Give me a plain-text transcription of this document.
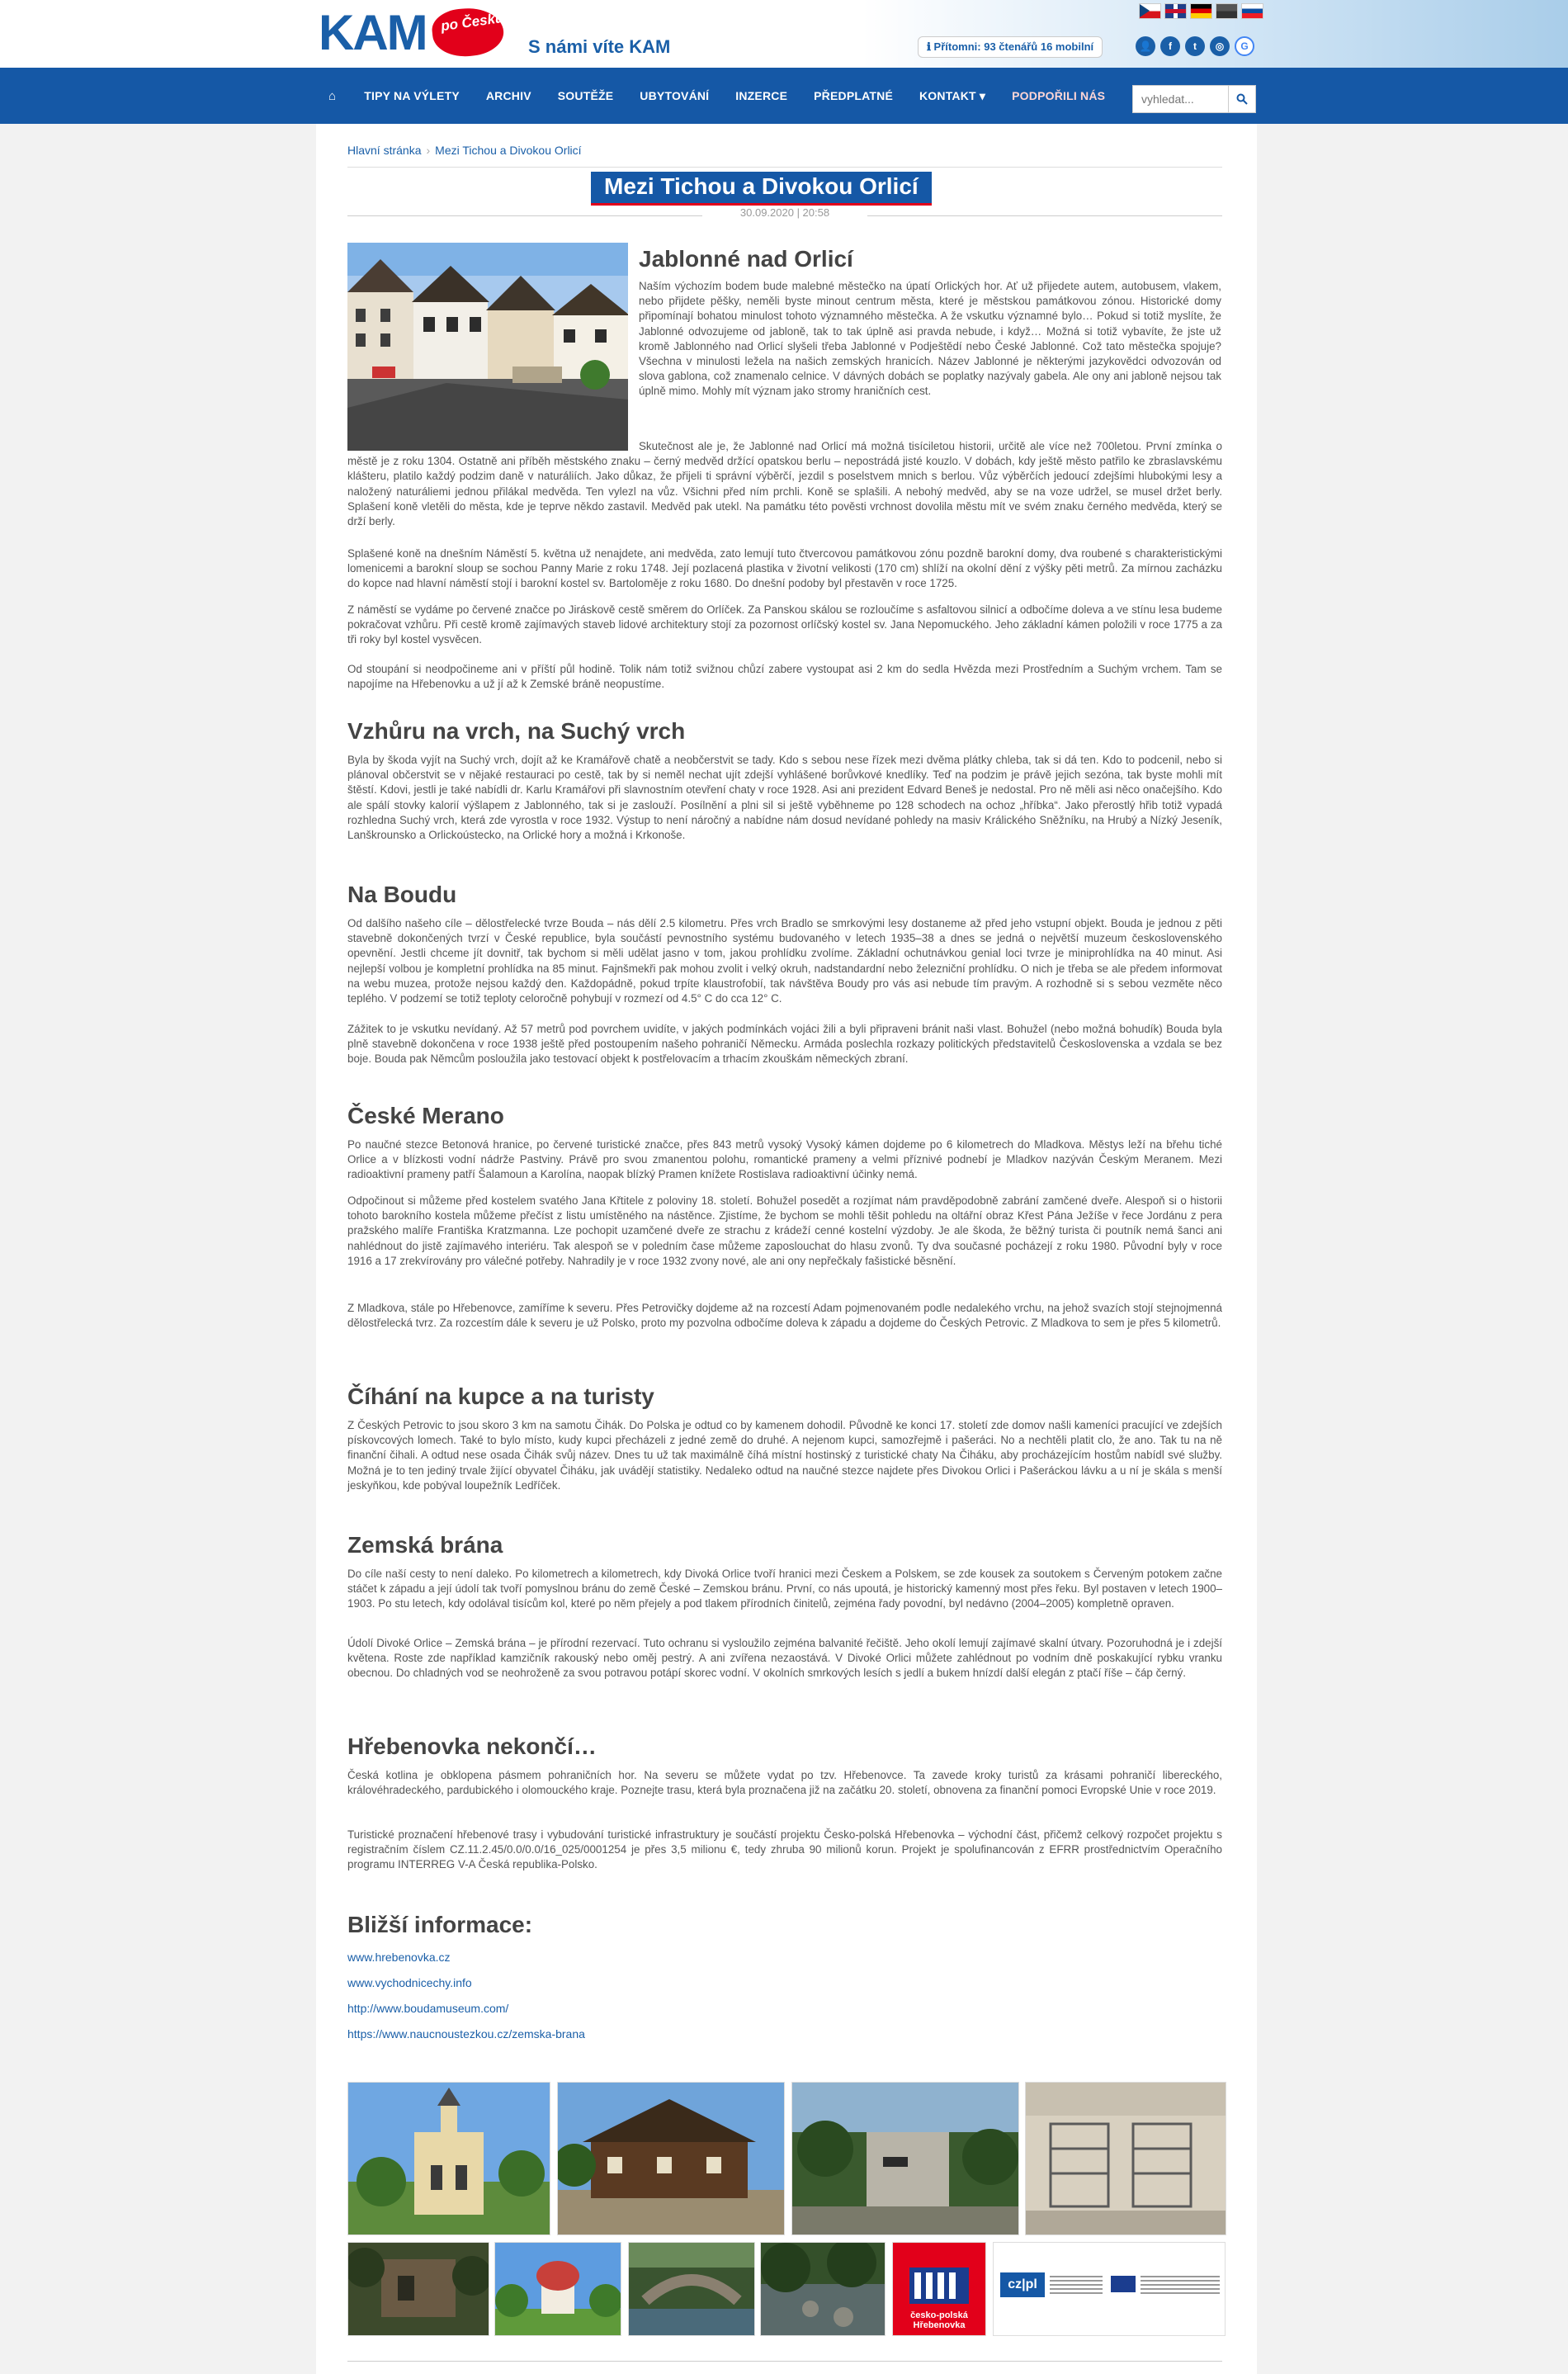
KAM po Česku
S námi víte KAM	ℹ Přítomni: 93 čtenářů 16 mobilní	👤	f	t	◎	G
⌂	TIPY NA VÝLETY	ARCHIV	SOUTĚŽE	UBYTOVÁNÍ	INZERCE	PŘEDPLATNÉ	KONTAKT ▾	PODPOŘILI NÁS
vyhledat...
Hlavní stránka › Mezi Tichou a Divokou Orlicí
Mezi Tichou a Divokou Orlicí
30.09.2020 | 20:58
Jablonné nad Orlicí

Naším výchozím bodem bude malebné městečko na úpatí Orlických hor. Ať už přijedete autem, autobusem, vlakem, nebo přijdete pěšky, neměli byste minout centrum města, které je městskou památkovou zónou. Historické domy připomínají bohatou minulost tohoto významného městečka. A že vskutku významné bylo… Pokud si totiž myslíte, že Jablonné odvozujeme od jabloně, tak to tak úplně asi pravda nebude, i když… Možná si totiž vybavíte, že jste už kromě Jablonného nad Orlicí slyšeli třeba Jablonné v Podještědí nebo České Jablonné. Což tato městečka spojuje? Všechna v minulosti ležela na našich zemských hranicích. Název Jablonné je některými jazykovědci odvozován od slova gablona, což znamenalo celnice. V dávných dobách se poplatky nazývaly gabela. Ale ony ani jabloně nejsou tak úplně mimo. Mohly mít význam jako stromy hraničních cest.

Skutečnost ale je, že Jablonné nad Orlicí má možná tisíciletou historii, určitě ale více než 700letou. První zmínka o městě je z roku 1304. Ostatně ani příběh městského znaku – černý medvěd držící opatskou berlu – nepostrádá jisté kouzlo. V dobách, kdy ještě město patřilo ke zbraslavskému klášteru, platilo každý podzim daně v naturáliích. Jako důkaz, že přijeli ti správní výběrčí, jezdil s poselstvem mnich s berlou. Vůz výběrčích jedoucí zdejšími hlubokými lesy a naložený naturáliemi jednou přilákal medvěda. Ten vylezl na vůz. Všichni před ním prchli. Koně se splašili. A nebohý medvěd, aby se na voze udržel, se musel držet berly. Splašení koně vletěli do města, kde je teprve někdo zastavil. Medvěd pak utekl. Na památku této pověsti vrchnost dovolila městu mít ve svém znaku černého medvěda, který se drží berly.

Splašené koně na dnešním Náměstí 5. května už nenajdete, ani medvěda, zato lemují tuto čtvercovou památkovou zónu pozdně barokní domy, dva roubené s charakteristickými lomenicemi a barokní sloup se sochou Panny Marie z roku 1748. Její pozlacená plastika v životní velikosti (170 cm) shlíží na okolní dění z výšky pěti metrů. Za mírnou zacházku do kopce nad hlavní náměstí stojí i barokní kostel sv. Bartoloměje z roku 1680. Do dnešní podoby byl přestavěn v roce 1725.

Z náměstí se vydáme po červené značce po Jiráskově cestě směrem do Orlíček. Za Panskou skálou se rozloučíme s asfaltovou silnicí a odbočíme doleva a ve stínu lesa budeme pokračovat vzhůru. Při cestě kromě zajímavých staveb lidové architektury stojí za pozornost orlíčský kostel sv. Jana Nepomuckého. Jeho základní kámen položili v roce 1775 a za tři roky byl kostel vysvěcen.

Od stoupání si neodpočineme ani v příští půl hodině. Tolik nám totiž svižnou chůzí zabere vystoupat asi 2 km do sedla Hvězda mezi Prostředním a Suchým vrchem. Tam se napojíme na Hřebenovku a už jí až k Zemské bráně neopustíme.

Vzhůru na vrch, na Suchý vrch

Byla by škoda vyjít na Suchý vrch, dojít až ke Kramářově chatě a neobčerstvit se tady. Kdo s sebou nese řízek mezi dvěma plátky chleba, tak si dá ten. Kdo to podcenil, nebo si plánoval občerstvit se v nějaké restauraci po cestě, tak by si neměl nechat ujít zdejší vyhlášené borůvkové knedlíky. Teď na podzim je právě jejich sezóna, tak byste mohli mít štěstí. Kdovi, jestli je také nabídli dr. Karlu Kramářovi při slavnostním otevření chaty v roce 1928. Asi ani prezident Edvard Beneš je nedostal. Pro ně měli asi něco onačejšího. Kdo ale spálí stovky kalorií výšlapem z Jablonného, tak si je zaslouží. Posílnění a plni sil si ještě vyběhneme po 128 schodech na ochoz „hříbka“. Jako přerostlý hřib totiž vypadá rozhledna Suchý vrch, která zde vyrostla v roce 1932. Výstup to není náročný a nabídne nám dosud nevídané pohledy na masiv Králického Sněžníku, na Hrubý a Nízký Jeseník, Lanškrounsko a Orlickoústecko, na Orlické hory a možná i Krkonoše.

Na Boudu

Od dalšího našeho cíle – dělostřelecké tvrze Bouda – nás dělí 2.5 kilometru. Přes vrch Bradlo se smrkovými lesy dostaneme až před jeho vstupní objekt. Bouda je jednou z pěti stavebně dokončených tvrzí v České republice, byla součástí pevnostního systému budovaného v letech 1935–38 a dnes se jedná o největší muzeum československého opevnění. Jestli chceme jít dovnitř, tak bychom si měli udělat jasno v tom, jakou prohlídku zvolíme. Základní ochutnávkou genial loci tvrze je miniprohlídka na 40 minut. Asi nejlepší volbou je kompletní prohlídka na 85 minut. Fajnšmekři pak mohou zvolit i velký okruh, nadstandardní nebo železniční prohlídku. O nich je třeba se ale předem informovat na webu muzea, protože nejsou každý den. Každopádně, pokud trpíte klaustrofobií, tak návštěva Boudy pro vás asi nebude tím pravým. A rozhodně si s sebou vezměte něco teplého. V podzemí se totiž teploty celoročně pohybují v rozmezí od 4.5° C do cca 12° C.

Zážitek to je vskutku nevídaný. Až 57 metrů pod povrchem uvidíte, v jakých podmínkách vojáci žili a byli připraveni bránit naši vlast. Bohužel (nebo možná bohudík) Bouda byla plně stavebně dokončena v roce 1938 ještě před postoupením našeho pohraničí Německu. Armáda poslechla rozkazy politických představitelů Československa a vzdala se bez boje. Bouda pak Němcům posloužila jako testovací objekt k postřelovacím a trhacím zkouškám německých zbraní.

České Merano

Po naučné stezce Betonová hranice, po červené turistické značce, přes 843 metrů vysoký Vysoký kámen dojdeme po 6 kilometrech do Mladkova. Městys leží na břehu tiché Orlice a v blízkosti vodní nádrže Pastviny. Právě pro svou zmanentou polohu, romantické prameny a velmi příznivé podnebí je Mladkov nazýván Českým Meranem. Mezi radioaktivní prameny patří Šalamoun a Karolína, naopak blízký Pramen knížete Rostislava radioaktivní účinky nemá.

Odpočinout si můžeme před kostelem svatého Jana Křtitele z poloviny 18. století. Bohužel posedět a rozjímat nám pravděpodobně zabrání zamčené dveře. Alespoň si o historii tohoto barokního kostela můžeme přečíst z listu umístěného na nástěnce. Zjistíme, že bychom se mohli těšit pohledu na oltářní obraz Křest Pána Ježíše v řece Jordánu z pera pražského malíře Františka Kratzmanna. Lze pochopit uzamčené dveře ze strachu z krádeží cenné kostelní výzdoby. Je ale škoda, že běžný turista či poutník nemá šanci ani nahlédnout do jistě zajímavého interiéru. Tak alespoň se v poledním čase můžeme zaposlouchat do hlasu zvonů. Ty dva současné pocházejí z roku 1980. Původní byly v roce 1916 a 17 zrekvírovány pro válečné potřeby. Nahradily je v roce 1932 zvony nové, ale ani ony nepřečkaly fašistické běsnění.

Z Mladkova, stále po Hřebenovce, zamíříme k severu. Přes Petrovičky dojdeme až na rozcestí Adam pojmenovaném podle nedalekého vrchu, na jehož svazích stojí stejnojmenná dělostřelecká tvrz. Za rozcestím dále k severu je už Polsko, proto my pozvolna odbočíme doleva k západu a dojdeme do Českých Petrovic. Z Mladkova to sem je přes 5 kilometrů.

Číhání na kupce a na turisty

Z Českých Petrovic to jsou skoro 3 km na samotu Čihák. Do Polska je odtud co by kamenem dohodil. Původně ke konci 17. století zde domov našli kameníci pracující ve zdejších pískovcových lomech. Také to bylo místo, kudy kupci přecházeli z jedné země do druhé. A nejenom kupci, samozřejmě i pašeráci. No a nechtěli platit clo, že ano. Tak tu na ně finanční čihali. A odtud nese osada Čihák svůj název. Dnes tu už tak maximálně číhá místní hostinský z turistické chaty Na Čiháku, aby procházejícím hostům nabídl své služby. Možná je to ten jediný trvale žijící obyvatel Čiháku, jak uvádějí statistiky. Nedaleko odtud na naučné stezce najdete přes Divokou Orlici i Pašeráckou lávku a u ní je skála s menší jeskyňkou, kde pobýval loupežník Ledříček.

Zemská brána

Do cíle naší cesty to není daleko. Po kilometrech a kilometrech, kdy Divoká Orlice tvoří hranici mezi Českem a Polskem, se zde kousek za soutokem s Červeným potokem začne stáčet k západu a její údolí tak tvoří pomyslnou bránu do země České – Zemskou bránu. První, co nás upoutá, je historický kamenný most přes řeku. Byl postaven v letech 1900–1903. Po stu letech, kdy odolával tisícům kol, které po něm přejely a pod tlakem přírodních činitelů, zejména řady povodní, byl nedávno (2004–2005) kompletně opraven.

Údolí Divoké Orlice – Zemská brána – je přírodní rezervací. Tuto ochranu si vysloužilo zejména balvanité řečiště. Jeho okolí lemují zajímavé skalní útvary. Pozoruhodná je i zdejší květena. Roste zde například kamzičník rakouský nebo oměj pestrý. A ani zvířena nezaostává. V Divoké Orlici můžete zahlédnout po vodním dně poskakující rybku vranku obecnou. Do chladných vod se neohroženě za svou potravou potápí skorec vodní. V okolních smrkových lesích s jedlí a bukem hnízdí další elegán z ptačí říše – čáp černý.

Hřebenovka nekončí…

Česká kotlina je obklopena pásmem pohraničních hor. Na severu se můžete vydat po tzv. Hřebenovce. Ta zavede kroky turistů za krásami pohraničí libereckého, královéhradeckého, pardubického i olomouckého kraje. Poznejte trasu, která byla proznačena již na začátku 20. století, obnovena za finanční pomoci Evropské Unie v roce 2019.

Turistické proznačení hřebenové trasy i vybudování turistické infrastruktury je součástí projektu Česko-polská Hřebenovka – východní část, přičemž celkový rozpočet projektu s registračním číslem CZ.11.2.45/0.0/0.0/16_025/0001254 je přes 3,5 milionu €, tedy zhruba 90 milionů korun. Projekt je spolufinancován z EFRR prostřednictvím Operačního programu INTERREG V-A Česká republika-Polsko.

Bližší informace:
www.hrebenovka.cz
www.vychodnicechy.info
http://www.boudamuseum.com/
https://www.naucnoustezkou.cz/zemska-brana
česko-polská Hřebenovka
cz|pl
